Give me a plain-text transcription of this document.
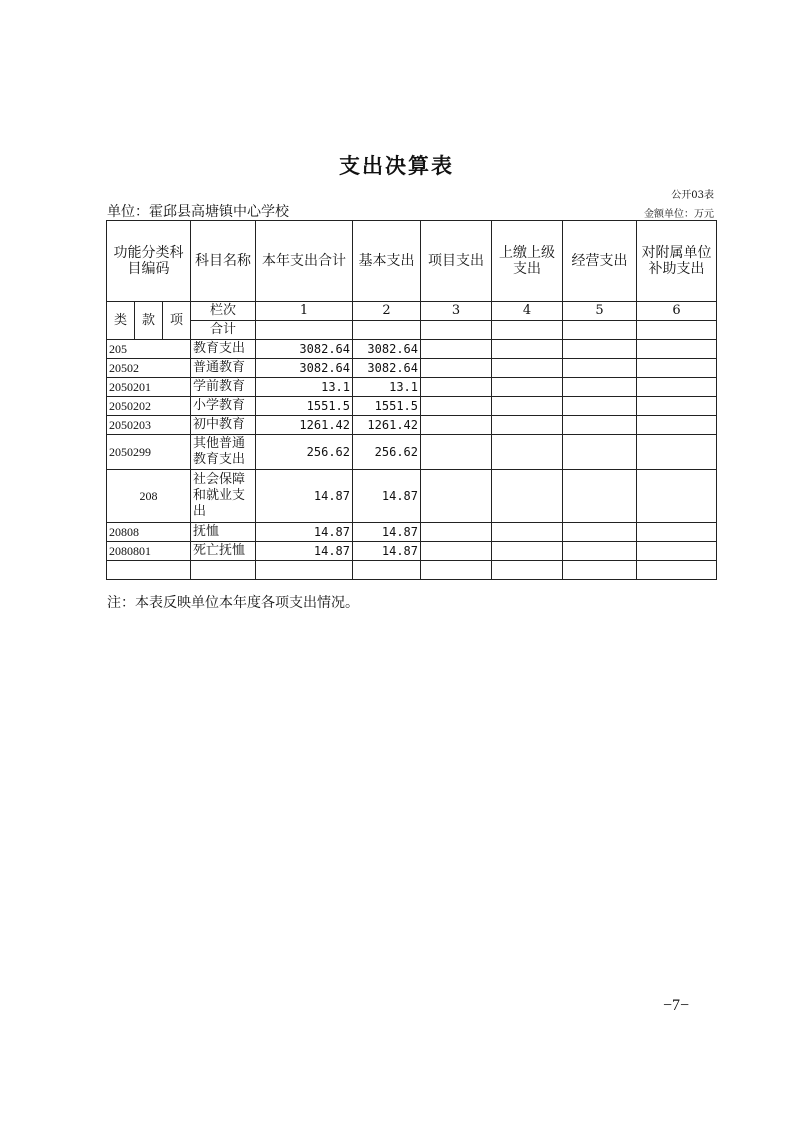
支出决算表
公开03表
单位：霍邱县高塘镇中心学校	金额单位：万元
功能分类科目编码			科目名称	本年支出合计	基本支出	项目支出	上缴上级支出	经营支出	对附属单位补助支出
类	款	项	栏次	1	2	3	4	5	6
			合计						
205			教育支出	3082.64	3082.64				
20502			普通教育	3082.64	3082.64				
2050201			学前教育	13.1	13.1				
2050202			小学教育	1551.5	1551.5				
2050203			初中教育	1261.42	1261.42				
2050299			其他普通教育支出	256.62	256.62				
208			社会保障和就业支出	14.87	14.87				
20808			抚恤	14.87	14.87				
2080801			死亡抚恤	14.87	14.87				

注：本表反映单位本年度各项支出情况。
−7−
